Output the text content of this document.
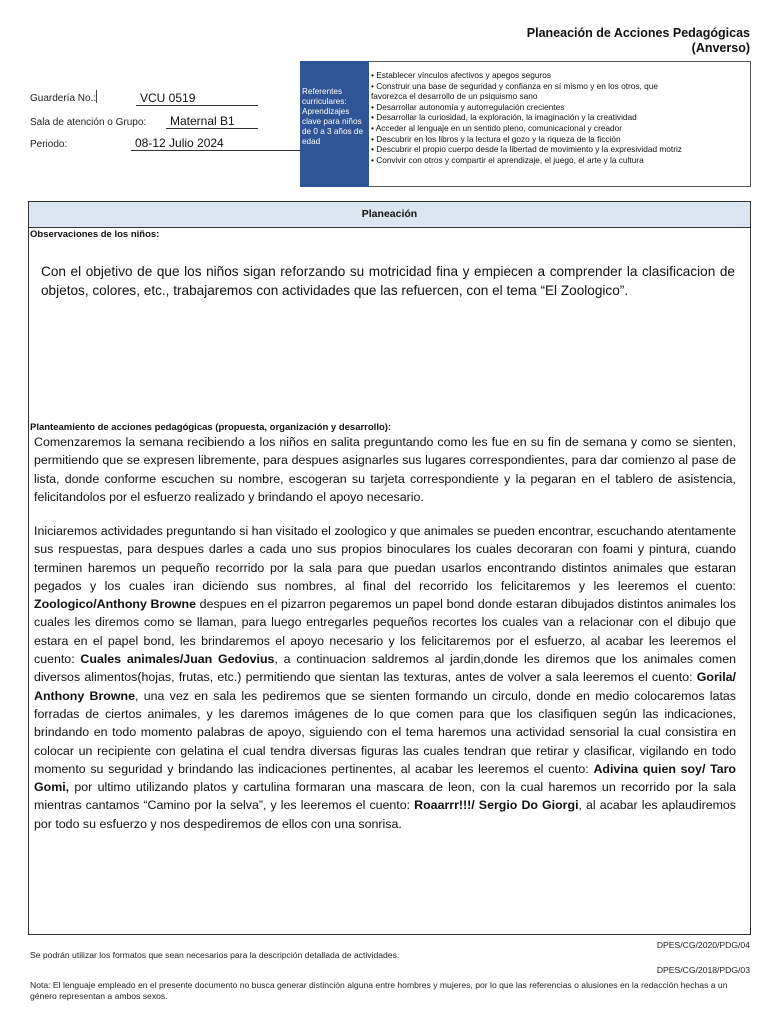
Planeación de Acciones Pedagógicas
(Anverso)
Guardería No.:	VCU 0519
Sala de atención o Grupo:	Maternal B1
Periodo:	08-12 Julio 2024
Referentes curriculares: Aprendizajes clave para niños de 0 a 3 años de edad
• Establecer vínculos afectivos y apegos seguros
• Construir una base de seguridad y confianza en sí mismo y en los otros, que
favorezca el desarrollo de un psiquismo sano
• Desarrollar autonomía y autorregulación crecientes
• Desarrollar la curiosidad, la exploración, la imaginación y la creatividad
• Acceder al lenguaje en un sentido pleno, comunicacional y creador
• Descubrir en los libros y la lectura el gozo y la riqueza de la ficción
• Descubrir el propio cuerpo desde la libertad de movimiento y la expresividad motriz
• Convivir con otros y compartir el aprendizaje, el juego, el arte y la cultura
Planeación
Observaciones de los niños:
Con el objetivo de que los niños sigan reforzando su motricidad fina y empiecen a comprender la clasificacion de objetos, colores, etc., trabajaremos con actividades que las refuercen, con el tema “El Zoologico”.
Planteamiento de acciones pedagógicas (propuesta, organización y desarrollo):
Comenzaremos la semana recibiendo a los niños en salita preguntando como les fue en su fin de semana y como se sienten, permitiendo que se expresen libremente, para despues asignarles sus lugares correspondientes, para dar comienzo al pase de lista, donde conforme escuchen su nombre, escogeran su tarjeta correspondiente y la pegaran en el tablero de asistencia, felicitandolos por el esfuerzo realizado y brindando el apoyo necesario.
Iniciaremos actividades preguntando si han visitado el zoologico y que animales se pueden encontrar, escuchando atentamente sus respuestas, para despues darles a cada uno sus propios binoculares los cuales decoraran con foami y pintura, cuando terminen haremos un pequeño recorrido por la sala para que puedan usarlos encontrando distintos animales que estaran pegados y los cuales iran diciendo sus nombres, al final del recorrido los felicitaremos y les leeremos el cuento: Zoologico/Anthony Browne despues en el pizarron pegaremos un papel bond donde estaran dibujados distintos animales los cuales les diremos como se llaman, para luego entregarles pequeños recortes los cuales van a relacionar con el dibujo que estara en el papel bond, les brindaremos el apoyo necesario y los felicitaremos por el esfuerzo, al acabar les leeremos el cuento: Cuales animales/Juan Gedovius, a continuacion saldremos al jardin,donde les diremos que los animales comen diversos alimentos(hojas, frutas, etc.) permitiendo que sientan las texturas, antes de volver a sala leeremos el cuento: Gorila/ Anthony Browne, una vez en sala les pediremos que se sienten formando un circulo, donde en medio colocaremos latas forradas de ciertos animales, y les daremos imágenes de lo que comen para que los clasifiquen según las indicaciones, brindando en todo momento palabras de apoyo, siguiendo con el tema haremos una actividad sensorial la cual consistira en colocar un recipiente con gelatina el cual tendra diversas figuras las cuales tendran que retirar y clasificar, vigilando en todo momento su seguridad y brindando las indicaciones pertinentes, al acabar les leeremos el cuento: Adivina quien soy/ Taro Gomi, por ultimo utilizando platos y cartulina formaran una mascara de leon, con la cual haremos un recorrido por la sala mientras cantamos “Camino por la selva”, y les leeremos el cuento: Roaarrr!!!/ Sergio Do Giorgi, al acabar les aplaudiremos por todo su esfuerzo y nos despediremos de ellos con una sonrisa.
DPES/CG/2020/PDG/04
Se podrán utilizar los formatos que sean necesarios para la descripción detallada de actividades.
DPES/CG/2018/PDG/03
Nota: El lenguaje empleado en el presente documento no busca generar distinción alguna entre hombres y mujeres, por lo que las referencias o alusiones en la redacción hechas a un género representan a ambos sexos.
